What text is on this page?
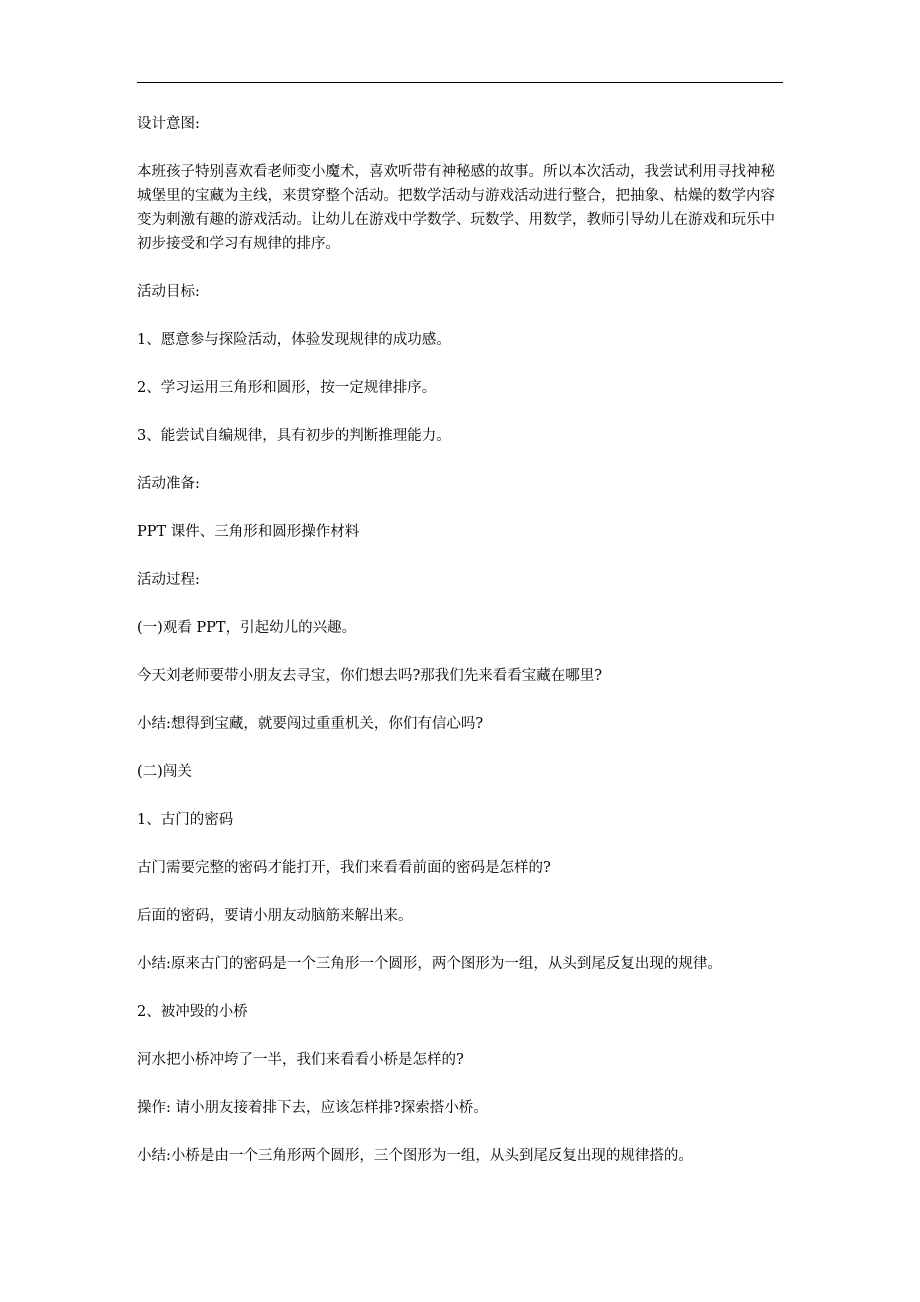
设计意图:

本班孩子特别喜欢看老师变小魔术，喜欢听带有神秘感的故事。所以本次活动，我尝试利用寻找神秘城堡里的宝藏为主线，来贯穿整个活动。把数学活动与游戏活动进行整合，把抽象、枯燥的数学内容变为刺激有趣的游戏活动。让幼儿在游戏中学数学、玩数学、用数学，教师引导幼儿在游戏和玩乐中初步接受和学习有规律的排序。

活动目标:

1、愿意参与探险活动，体验发现规律的成功感。

2、学习运用三角形和圆形，按一定规律排序。

3、能尝试自编规律，具有初步的判断推理能力。

活动准备:

PPT 课件、三角形和圆形操作材料

活动过程:

(一)观看 PPT，引起幼儿的兴趣。

今天刘老师要带小朋友去寻宝，你们想去吗?那我们先来看看宝藏在哪里?

小结:想得到宝藏，就要闯过重重机关，你们有信心吗?

(二)闯关

1、古门的密码

古门需要完整的密码才能打开，我们来看看前面的密码是怎样的?

后面的密码，要请小朋友动脑筋来解出来。

小结:原来古门的密码是一个三角形一个圆形，两个图形为一组，从头到尾反复出现的规律。

2、被冲毁的小桥

河水把小桥冲垮了一半，我们来看看小桥是怎样的?

操作: 请小朋友接着排下去，应该怎样排?探索搭小桥。

小结:小桥是由一个三角形两个圆形，三个图形为一组，从头到尾反复出现的规律搭的。
